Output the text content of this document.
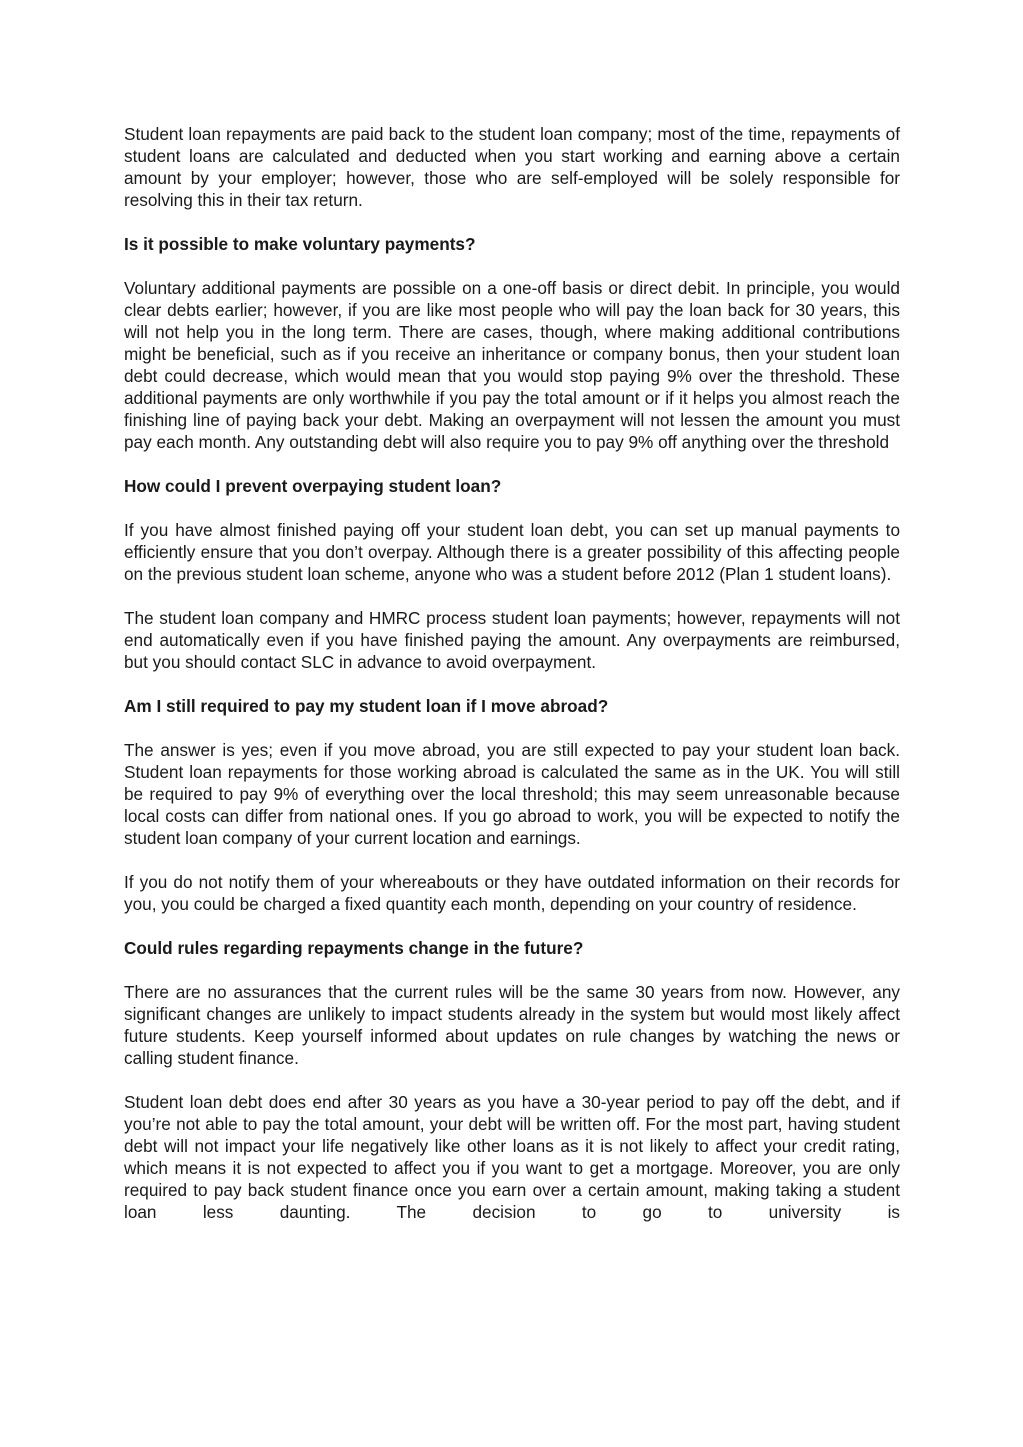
Student loan repayments are paid back to the student loan company; most of the time, repayments of student loans are calculated and deducted when you start working and earning above a certain amount by your employer; however, those who are self-employed will be solely responsible for resolving this in their tax return.

Is it possible to make voluntary payments?

Voluntary additional payments are possible on a one-off basis or direct debit. In principle, you would clear debts earlier; however, if you are like most people who will pay the loan back for 30 years, this will not help you in the long term. There are cases, though, where making additional contributions might be beneficial, such as if you receive an inheritance or company bonus, then your student loan debt could decrease, which would mean that you would stop paying 9% over the threshold. These additional payments are only worthwhile if you pay the total amount or if it helps you almost reach the finishing line of paying back your debt. Making an overpayment will not lessen the amount you must pay each month. Any outstanding debt will also require you to pay 9% off anything over the threshold

How could I prevent overpaying student loan?

If you have almost finished paying off your student loan debt, you can set up manual payments to efficiently ensure that you don’t overpay. Although there is a greater possibility of this affecting people on the previous student loan scheme, anyone who was a student before 2012 (Plan 1 student loans).

The student loan company and HMRC process student loan payments; however, repayments will not end automatically even if you have finished paying the amount. Any overpayments are reimbursed, but you should contact SLC in advance to avoid overpayment.

Am I still required to pay my student loan if I move abroad?

The answer is yes; even if you move abroad, you are still expected to pay your student loan back. Student loan repayments for those working abroad is calculated the same as in the UK. You will still be required to pay 9% of everything over the local threshold; this may seem unreasonable because local costs can differ from national ones. If you go abroad to work, you will be expected to notify the student loan company of your current location and earnings.

If you do not notify them of your whereabouts or they have outdated information on their records for you, you could be charged a fixed quantity each month, depending on your country of residence.

Could rules regarding repayments change in the future?

There are no assurances that the current rules will be the same 30 years from now. However, any significant changes are unlikely to impact students already in the system but would most likely affect future students. Keep yourself informed about updates on rule changes by watching the news or calling student finance.

Student loan debt does end after 30 years as you have a 30-year period to pay off the debt, and if you’re not able to pay the total amount, your debt will be written off. For the most part, having student debt will not impact your life negatively like other loans as it is not likely to affect your credit rating, which means it is not expected to affect you if you want to get a mortgage. Moreover, you are only required to pay back student finance once you earn over a certain amount, making taking a student loan less daunting. The decision to go to university is
